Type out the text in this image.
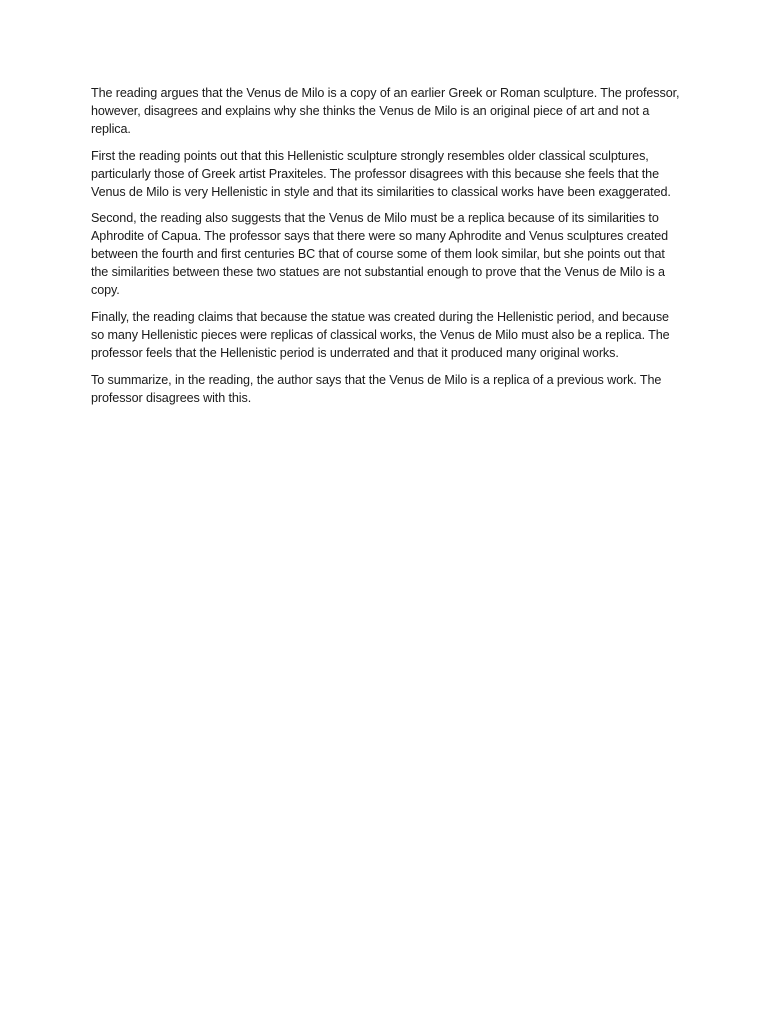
The reading argues that the Venus de Milo is a copy of an earlier Greek or Roman sculpture. The professor, however, disagrees and explains why she thinks the Venus de Milo is an original piece of art and not a replica.

First the reading points out that this Hellenistic sculpture strongly resembles older classical sculptures, particularly those of Greek artist Praxiteles. The professor disagrees with this because she feels that the Venus de Milo is very Hellenistic in style and that its similarities to classical works have been exaggerated.

Second, the reading also suggests that the Venus de Milo must be a replica because of its similarities to Aphrodite of Capua. The professor says that there were so many Aphrodite and Venus sculptures created between the fourth and first centuries BC that of course some of them look similar, but she points out that the similarities between these two statues are not substantial enough to prove that the Venus de Milo is a copy.

Finally, the reading claims that because the statue was created during the Hellenistic period, and because so many Hellenistic pieces were replicas of classical works, the Venus de Milo must also be a replica. The professor feels that the Hellenistic period is underrated and that it produced many original works.

To summarize, in the reading, the author says that the Venus de Milo is a replica of a previous work. The professor disagrees with this.
